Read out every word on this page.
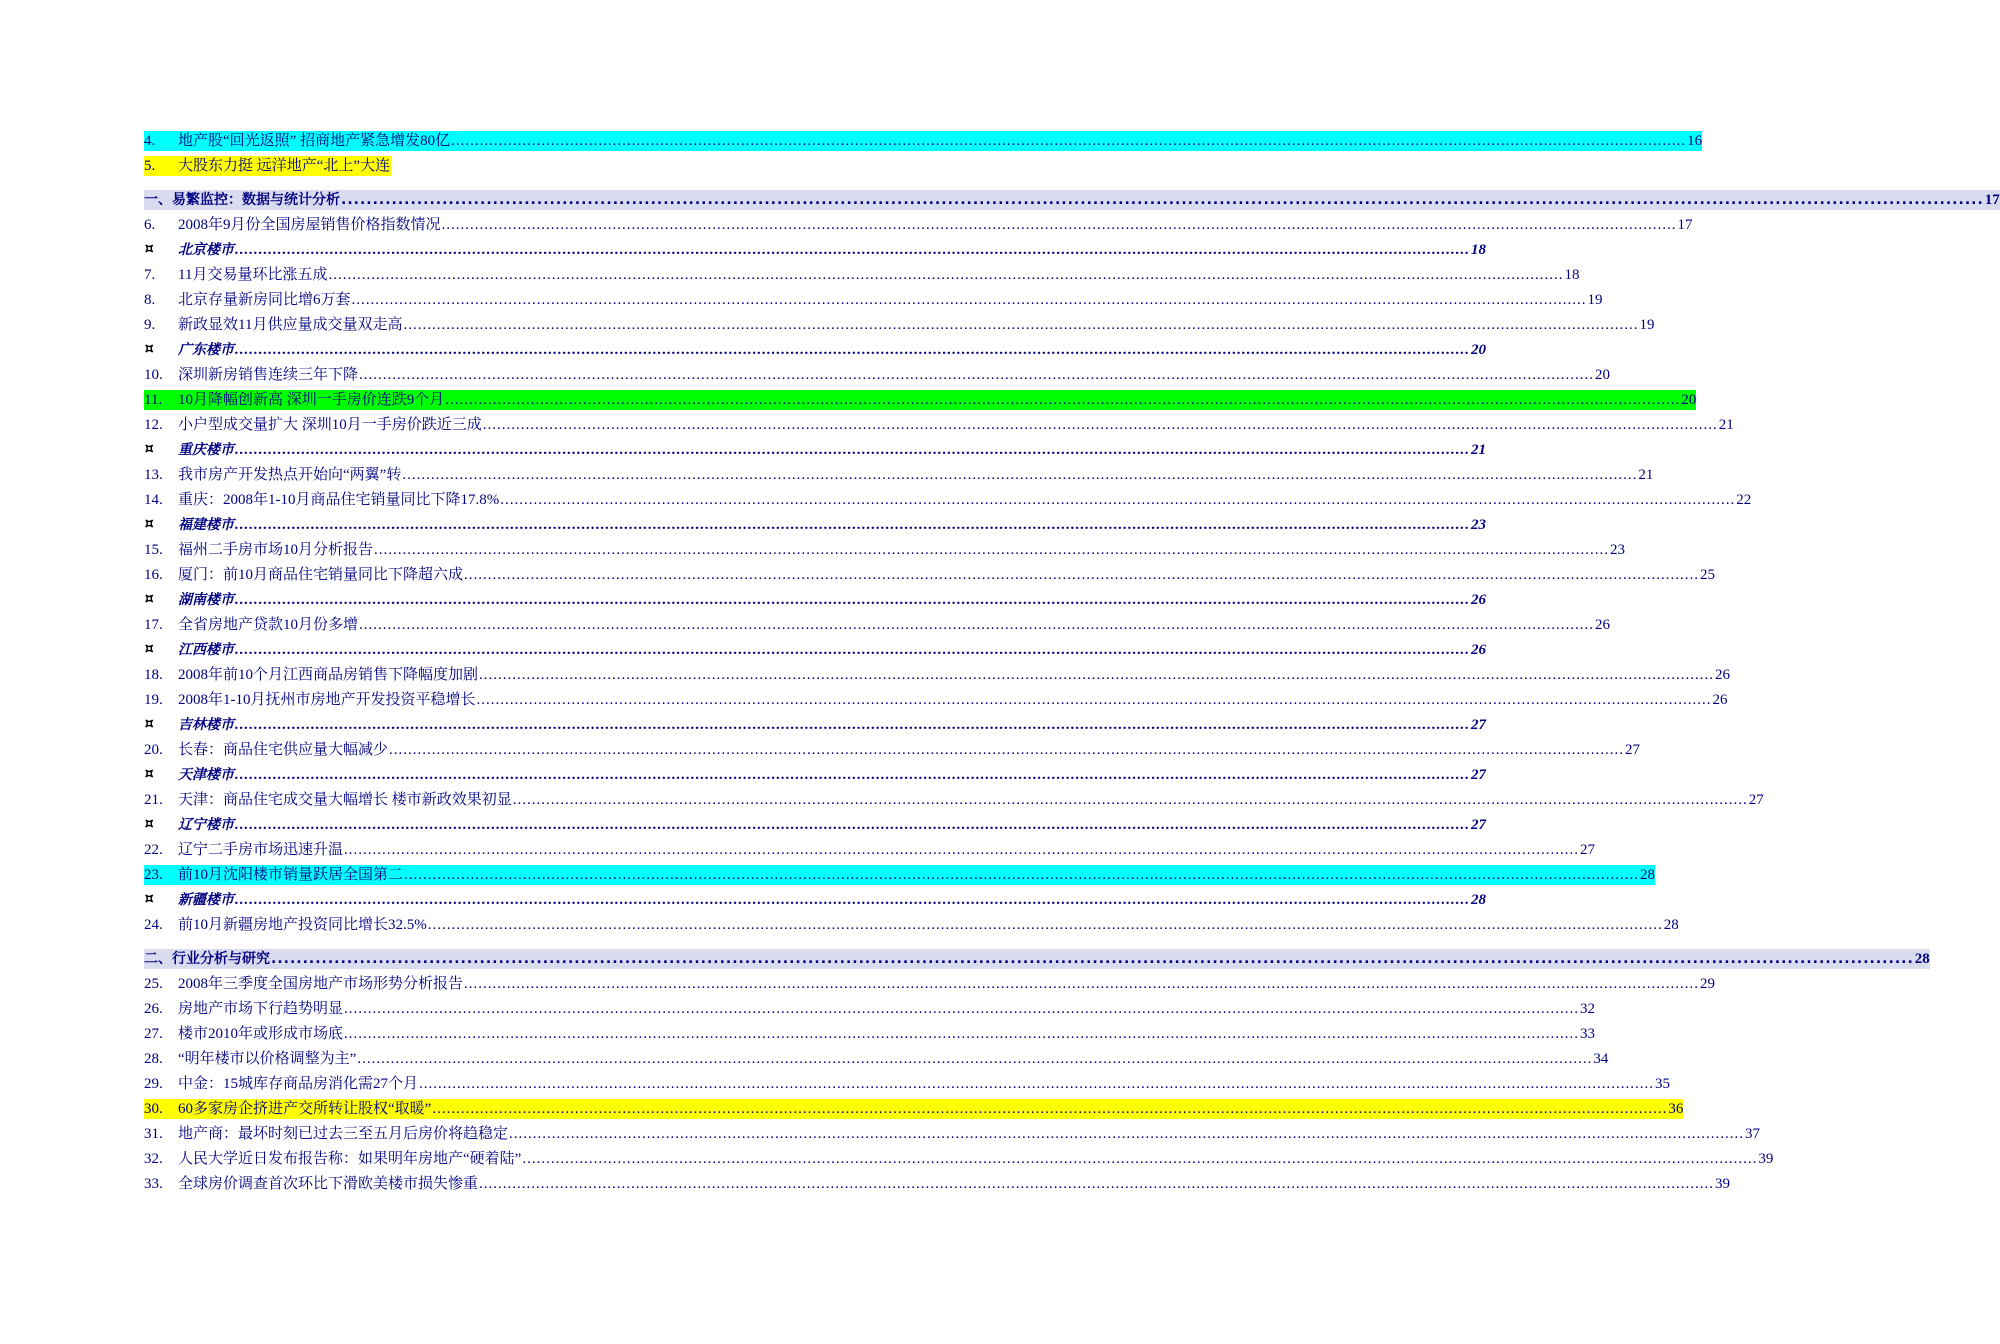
4.	地产股“回光返照” 招商地产紧急增发80亿 .................................................................................................................................................................................................................................................................... 16
5.	大股东力挺 远洋地产“北上”大连
一、易繁监控：数据与统计分析 .................................................................................................................................................................................................................................................................... 17
6.	2008年9月份全国房屋销售价格指数情况 .................................................................................................................................................................................................................................................................... 17
⯏	北京楼市 .................................................................................................................................................................................................................................................................... 18
7.	11月交易量环比涨五成 .................................................................................................................................................................................................................................................................... 18
8.	北京存量新房同比增6万套 .................................................................................................................................................................................................................................................................... 19
9.	新政显效11月供应量成交量双走高 .................................................................................................................................................................................................................................................................... 19
⯏	广东楼市 .................................................................................................................................................................................................................................................................... 20
10.	深圳新房销售连续三年下降 .................................................................................................................................................................................................................................................................... 20
11.	10月降幅创新高 深圳一手房价连跌9个月 .................................................................................................................................................................................................................................................................... 20
12.	小户型成交量扩大 深圳10月一手房价跌近三成 .................................................................................................................................................................................................................................................................... 21
⯏	重庆楼市 .................................................................................................................................................................................................................................................................... 21
13.	我市房产开发热点开始向“两翼”转 .................................................................................................................................................................................................................................................................... 21
14.	重庆：2008年1-10月商品住宅销量同比下降17.8% .................................................................................................................................................................................................................................................................... 22
⯏	福建楼市 .................................................................................................................................................................................................................................................................... 23
15.	福州二手房市场10月分析报告 .................................................................................................................................................................................................................................................................... 23
16.	厦门：前10月商品住宅销量同比下降超六成 .................................................................................................................................................................................................................................................................... 25
⯏	湖南楼市 .................................................................................................................................................................................................................................................................... 26
17.	全省房地产贷款10月份多增 .................................................................................................................................................................................................................................................................... 26
⯏	江西楼市 .................................................................................................................................................................................................................................................................... 26
18.	2008年前10个月江西商品房销售下降幅度加剧 .................................................................................................................................................................................................................................................................... 26
19.	2008年1-10月抚州市房地产开发投资平稳增长 .................................................................................................................................................................................................................................................................... 26
⯏	吉林楼市 .................................................................................................................................................................................................................................................................... 27
20.	长春：商品住宅供应量大幅减少 .................................................................................................................................................................................................................................................................... 27
⯏	天津楼市 .................................................................................................................................................................................................................................................................... 27
21.	天津：商品住宅成交量大幅增长 楼市新政效果初显 .................................................................................................................................................................................................................................................................... 27
⯏	辽宁楼市 .................................................................................................................................................................................................................................................................... 27
22.	辽宁二手房市场迅速升温 .................................................................................................................................................................................................................................................................... 27
23.	前10月沈阳楼市销量跃居全国第二 .................................................................................................................................................................................................................................................................... 28
⯏	新疆楼市 .................................................................................................................................................................................................................................................................... 28
24.	前10月新疆房地产投资同比增长32.5% .................................................................................................................................................................................................................................................................... 28
二、行业分析与研究 .................................................................................................................................................................................................................................................................... 28
25.	2008年三季度全国房地产市场形势分析报告 .................................................................................................................................................................................................................................................................... 29
26.	房地产市场下行趋势明显 .................................................................................................................................................................................................................................................................... 32
27.	楼市2010年或形成市场底 .................................................................................................................................................................................................................................................................... 33
28.	“明年楼市以价格调整为主” .................................................................................................................................................................................................................................................................... 34
29.	中金：15城库存商品房消化需27个月 .................................................................................................................................................................................................................................................................... 35
30.	60多家房企挤进产交所转让股权“取暖” .................................................................................................................................................................................................................................................................... 36
31.	地产商：最坏时刻已过去三至五月后房价将趋稳定 .................................................................................................................................................................................................................................................................... 37
32.	人民大学近日发布报告称：如果明年房地产“硬着陆” .................................................................................................................................................................................................................................................................... 39
33.	全球房价调查首次环比下滑欧美楼市损失惨重 .................................................................................................................................................................................................................................................................... 39
